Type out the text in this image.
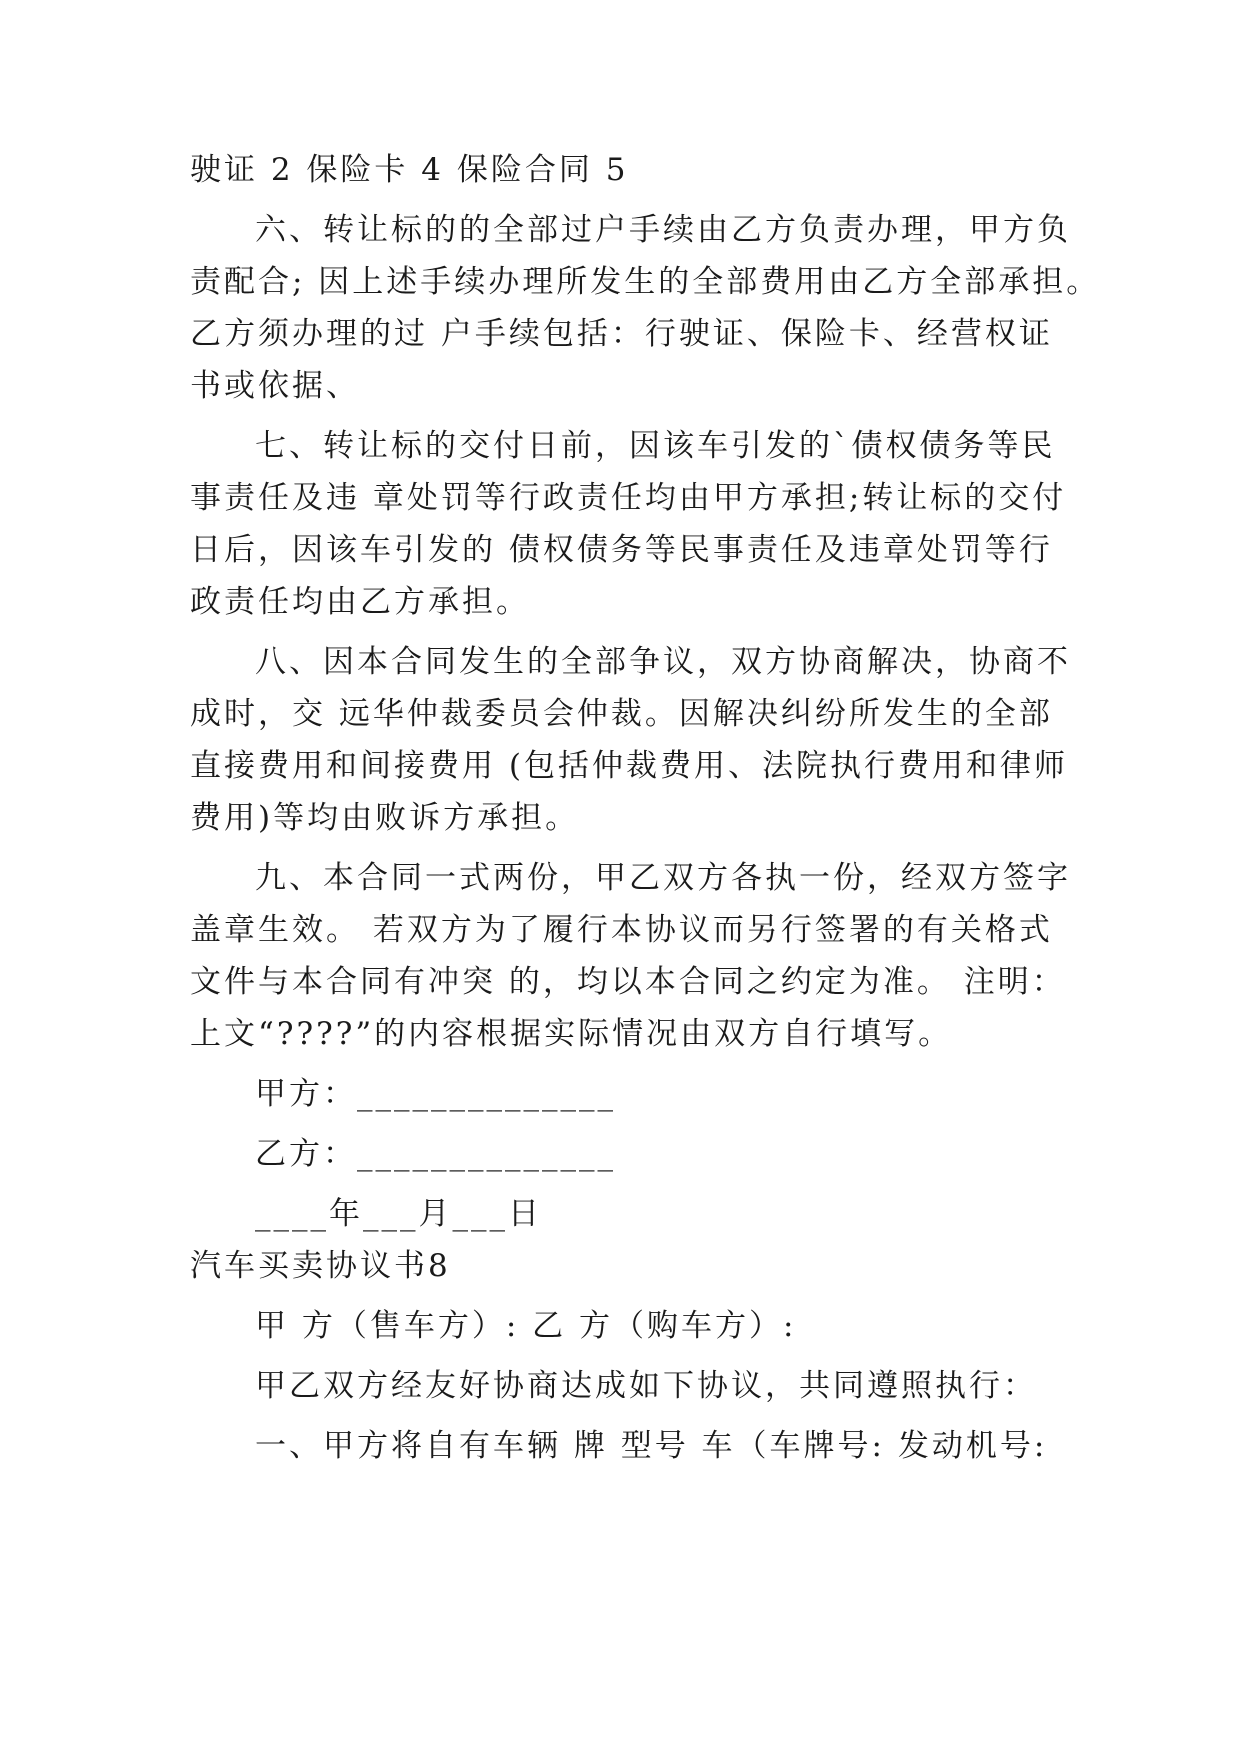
驶证 2 保险卡 4 保险合同 5
六、转让标的的全部过户手续由乙方负责办理，甲方负
责配合; 因上述手续办理所发生的全部费用由乙方全部承担。
乙方须办理的过 户手续包括：行驶证、保险卡、经营权证
书或依据、
七、转让标的交付日前，因该车引发的`债权债务等民
事责任及违 章处罚等行政责任均由甲方承担;转让标的交付
日后，因该车引发的 债权债务等民事责任及违章处罚等行
政责任均由乙方承担。
八、因本合同发生的全部争议，双方协商解决，协商不
成时，交 远华仲裁委员会仲裁。因解决纠纷所发生的全部
直接费用和间接费用 (包括仲裁费用、法院执行费用和律师
费用)等均由败诉方承担。
九、本合同一式两份，甲乙双方各执一份，经双方签字
盖章生效。 若双方为了履行本协议而另行签署的有关格式
文件与本合同有冲突 的，均以本合同之约定为准。 注明：
上文“????”的内容根据实际情况由双方自行填写。
甲方：______________
乙方：______________
____年___月___日
汽车买卖协议书8
甲 方（售车方）: 乙 方（购车方）:
甲乙双方经友好协商达成如下协议，共同遵照执行：
一、甲方将自有车辆 牌 型号 车（车牌号: 发动机号:
